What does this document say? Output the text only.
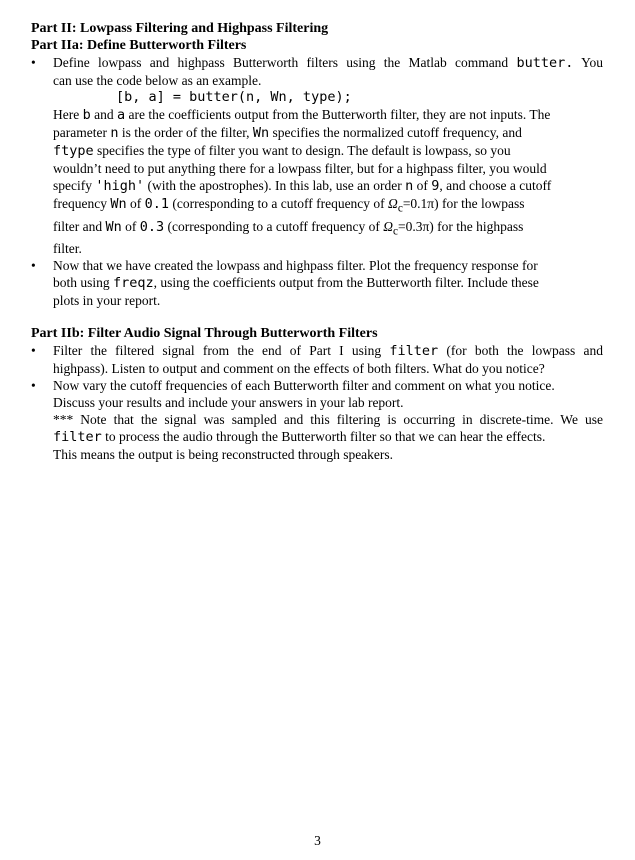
Part II: Lowpass Filtering and Highpass Filtering

Part IIa: Define Butterworth Filters

•	Define lowpass and highpass Butterworth filters using the Matlab command butter. You
can use the code below as an example.
[b, a] = butter(n, Wn, type);
Here b and a are the coefficients output from the Butterworth filter, they are not inputs. The
parameter n is the order of the filter, Wn specifies the normalized cutoff frequency, and
ftype specifies the type of filter you want to design. The default is lowpass, so you
wouldn’t need to put anything there for a lowpass filter, but for a highpass filter, you would
specify 'high' (with the apostrophes). In this lab, use an order n of 9, and choose a cutoff
frequency Wn of 0.1 (corresponding to a cutoff frequency of $\Omega_c=0.1\pi$) for the lowpass
filter and Wn of 0.3 (corresponding to a cutoff frequency of $\Omega_c=0.3\pi$) for the highpass
filter.
•	Now that we have created the lowpass and highpass filter. Plot the frequency response for
both using freqz, using the coefficients output from the Butterworth filter. Include these
plots in your report.

Part IIb: Filter Audio Signal Through Butterworth Filters

•	Filter the filtered signal from the end of Part I using filter (for both the lowpass and
highpass). Listen to output and comment on the effects of both filters. What do you notice?
•	Now vary the cutoff frequencies of each Butterworth filter and comment on what you notice.
Discuss your results and include your answers in your lab report.
*** Note that the signal was sampled and this filtering is occurring in discrete-time. We use
filter to process the audio through the Butterworth filter so that we can hear the effects.
This means the output is being reconstructed through speakers.
3
